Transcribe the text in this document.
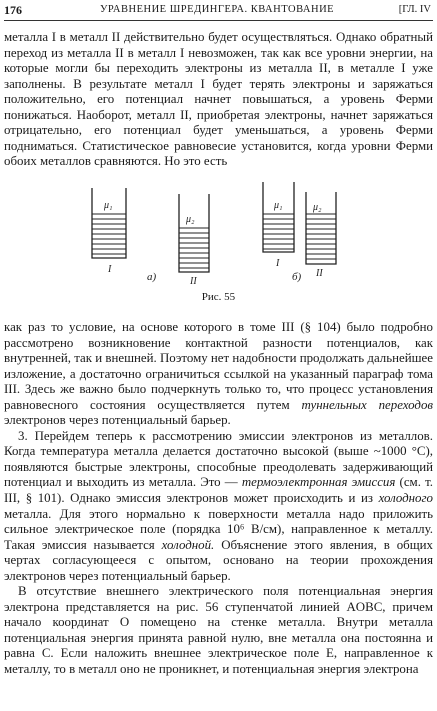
176	УРАВНЕНИЕ ШРЕДИНГЕРА. КВАНТОВАНИЕ	[ГЛ. IV

металла I в металл II действительно будет осуществляться. Однако обратный переход из металла II в металл I невозможен, так как все уровни энергии, на которые могли бы переходить электроны из металла II, в металле I уже заполнены. В результате металл I будет терять электроны и заряжаться положительно, его потенциал начнет повышаться, а уровень Ферми понижаться. Наоборот, металл II, приобретая электроны, начнет заряжаться отрицательно, его потенциал будет уменьшаться, а уровень Ферми подниматься. Статистическое равновесие установится, когда уровни Ферми обоих металлов сравняются. Но это есть

μ₁
μ₂
μ₁	μ₂
I
II
I
II
а)	б)
Рис. 55

как раз то условие, на основе которого в томе III (§ 104) было подробно рассмотрено возникновение контактной разности потенциалов, как внутренней, так и внешней. Поэтому нет надобности продолжать дальнейшее изложение, а достаточно ограничиться ссылкой на указанный параграф тома III. Здесь же важно было подчеркнуть только то, что процесс установления равновесного состояния осуществляется путем туннельных переходов электронов через потенциальный барьер.

3. Перейдем теперь к рассмотрению эмиссии электронов из металлов. Когда температура металла делается достаточно высокой (выше ~1000 °C), появляются быстрые электроны, способные преодолевать задерживающий потенциал и выходить из металла. Это — термоэлектронная эмиссия (см. т. III, § 101). Однако эмиссия электронов может происходить и из холодного металла. Для этого нормально к поверхности металла надо приложить сильное электрическое поле (порядка 10⁶ В/см), направленное к металлу. Такая эмиссия называется холодной. Объяснение этого явления, в общих чертах согласующееся с опытом, основано на теории прохождения электронов через потенциальный барьер.

В отсутствие внешнего электрического поля потенциальная энергия электрона представляется на рис. 56 ступенчатой линией AOBC, причем начало координат O помещено на стенке металла. Внутри металла потенциальная энергия принята равной нулю, вне металла она постоянна и равна C. Если наложить внешнее электрическое поле E, направленное к металлу, то в металл оно не проникнет, и потенциальная энергия электрона
